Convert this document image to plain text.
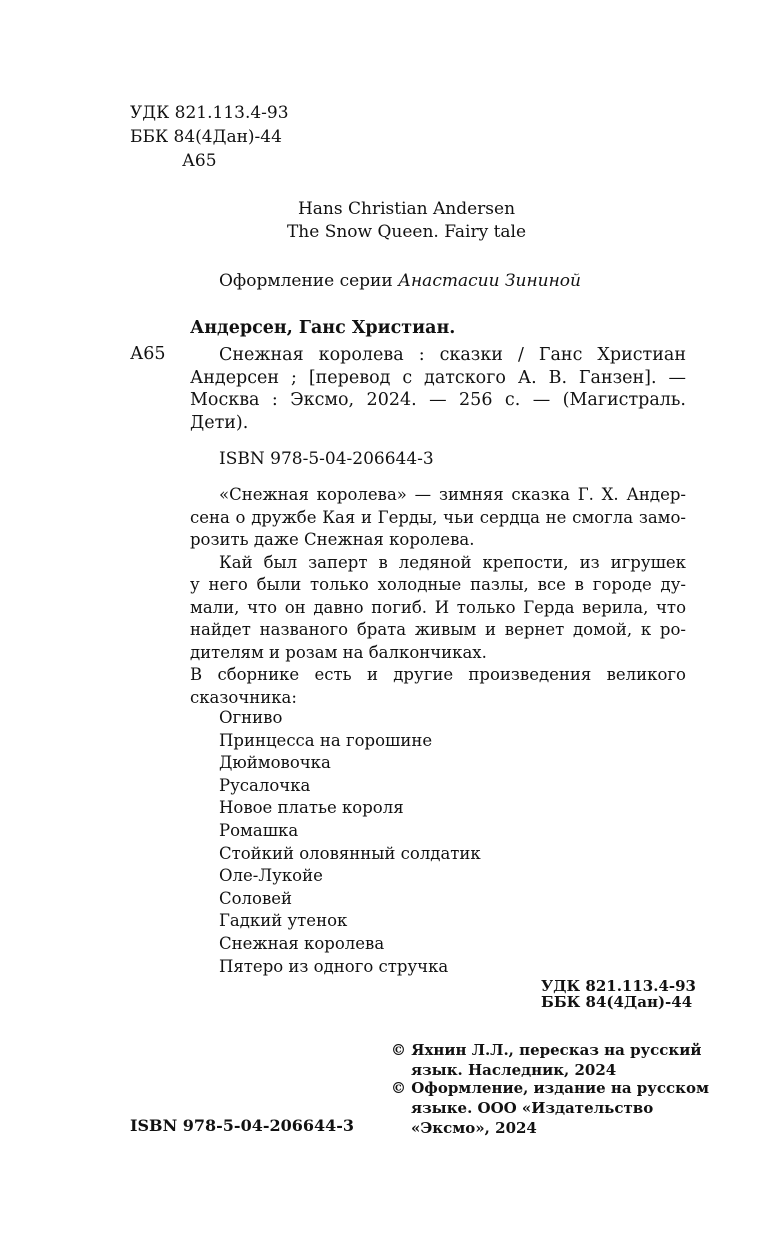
УДК 821.113.4-93
ББК 84(4Дан)-44
А65
Hans Christian Andersen
The Snow Queen. Fairy tale
Оформление серии Анастасии Зининой
Андерсен, Ганс Христиан.
А65	Снежная королева : сказки / Ганс Христиан
Андерсен ; [перевод с датского А. В. Ганзен]. —
Москва : Эксмо, 2024. — 256 с. — (Магистраль.
Дети).
ISBN 978-5-04-206644-3
«Снежная королева» — зимняя сказка Г. Х. Андер-
сена о дружбе Кая и Герды, чьи сердца не смогла замо-
розить даже Снежная королева.
Кай был заперт в ледяной крепости, из игрушек
у него были только холодные пазлы, все в городе ду-
мали, что он давно погиб. И только Герда верила, что
найдет названого брата живым и вернет домой, к ро-
дителям и розам на балкончиках.
В сборнике есть и другие произведения великого
сказочника:
Огниво
Принцесса на горошине
Дюймовочка
Русалочка
Новое платье короля
Ромашка
Стойкий оловянный солдатик
Оле-Лукойе
Соловей
Гадкий утенок
Снежная королева
Пятеро из одного стручка
УДК 821.113.4-93
ББК 84(4Дан)-44
© Яхнин Л.Л., пересказ на русский
язык. Наследник, 2024
© Оформление, издание на русском
языке. ООО «Издательство
«Эксмо», 2024
ISBN 978-5-04-206644-3
